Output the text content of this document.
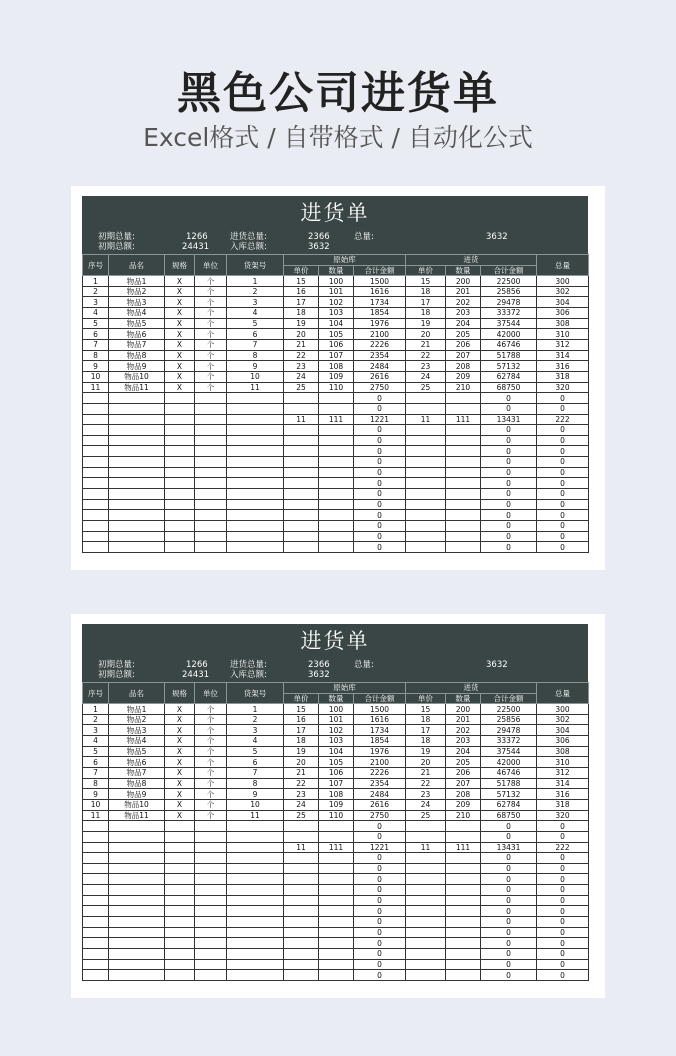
黑色公司进货单
Excel格式 / 自带格式 / 自动化公式
进货单
初期总量:	1266	进货总量:	2366	总量:	3632
初期总额:	24431 入库总额:	3632
序号	品名	规格	单位	货架号	原始库			进货			总量
					单价	数量	合计金额	单价	数量	合计金额	
1	物品1	X	个	1	15	100	1500	15	200	22500	300
2	物品2	X	个	2	16	101	1616	18	201	25856	302
3	物品3	X	个	3	17	102	1734	17	202	29478	304
4	物品4	X	个	4	18	103	1854	18	203	33372	306
5	物品5	X	个	5	19	104	1976	19	204	37544	308
6	物品6	X	个	6	20	105	2100	20	205	42000	310
7	物品7	X	个	7	21	106	2226	21	206	46746	312
8	物品8	X	个	8	22	107	2354	22	207	51788	314
9	物品9	X	个	9	23	108	2484	23	208	57132	316
10	物品10	X	个	10	24	109	2616	24	209	62784	318
11	物品11	X	个	11	25	110	2750	25	210	68750	320
							0			0	0
							0			0	0
					11	111	1221	11	111	13431	222
							0			0	0
							0			0	0
							0			0	0
							0			0	0
							0			0	0
							0			0	0
							0			0	0
							0			0	0
							0			0	0
							0			0	0
							0			0	0
							0			0	0
进货单
初期总量:	1266	进货总量:	2366	总量:	3632
初期总额:	24431 入库总额:	3632
序号	品名	规格	单位	货架号	原始库			进货			总量
					单价	数量	合计金额	单价	数量	合计金额	
1	物品1	X	个	1	15	100	1500	15	200	22500	300
2	物品2	X	个	2	16	101	1616	18	201	25856	302
3	物品3	X	个	3	17	102	1734	17	202	29478	304
4	物品4	X	个	4	18	103	1854	18	203	33372	306
5	物品5	X	个	5	19	104	1976	19	204	37544	308
6	物品6	X	个	6	20	105	2100	20	205	42000	310
7	物品7	X	个	7	21	106	2226	21	206	46746	312
8	物品8	X	个	8	22	107	2354	22	207	51788	314
9	物品9	X	个	9	23	108	2484	23	208	57132	316
10	物品10	X	个	10	24	109	2616	24	209	62784	318
11	物品11	X	个	11	25	110	2750	25	210	68750	320
							0			0	0
							0			0	0
					11	111	1221	11	111	13431	222
							0			0	0
							0			0	0
							0			0	0
							0			0	0
							0			0	0
							0			0	0
							0			0	0
							0			0	0
							0			0	0
							0			0	0
							0			0	0
							0			0	0
